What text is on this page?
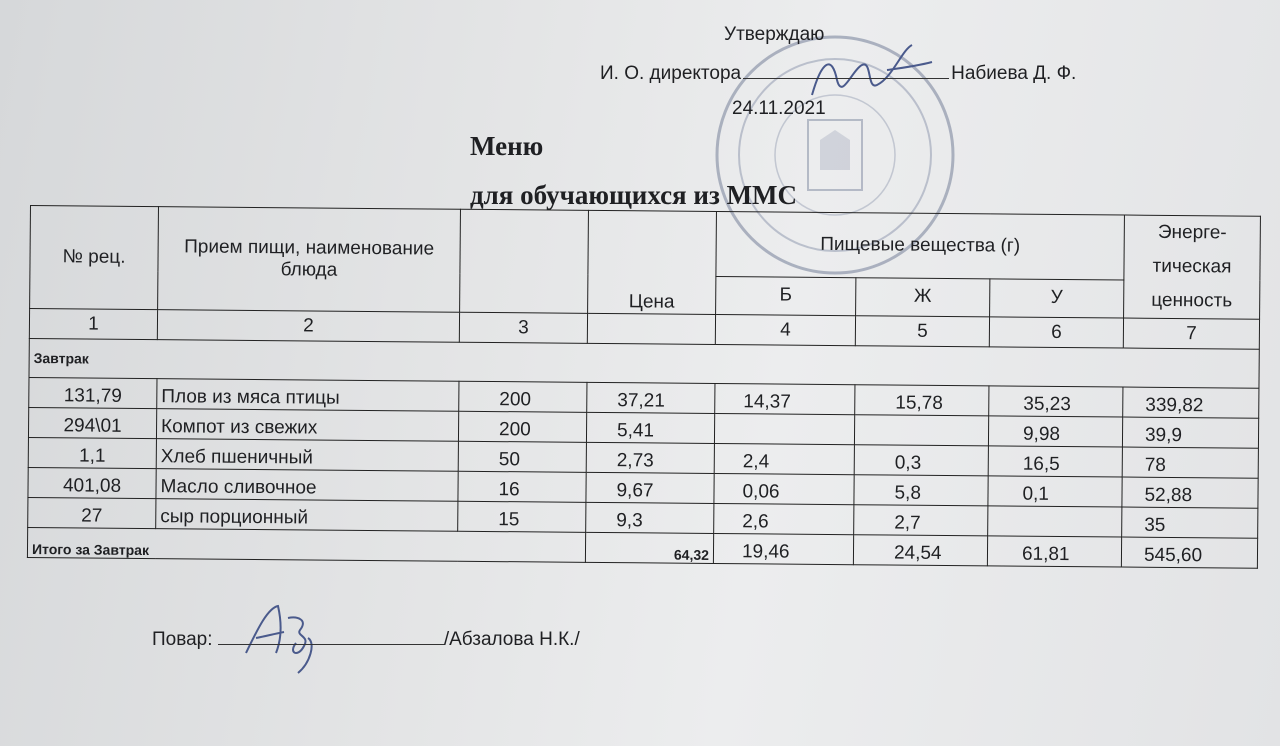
Утверждаю
И. О. директора	Набиева Д. Ф.
24.11.2021
Меню
для обучающихся из ММС
№ рец.	Прием пищи, наименование блюда		Цена	Пищевые вещества (г)			Энерге-тическая ценность
				Б	Ж	У	
1	2	3		4	5	6	7
Завтрак							
131,79	Плов из мяса птицы	200	37,21	14,37	15,78	35,23	339,82
294\01	Компот из свежих	200	5,41			9,98	39,9
1,1	Хлеб пшеничный	50	2,73	2,4	0,3	16,5	78
401,08	Масло сливочное	16	9,67	0,06	5,8	0,1	52,88
27	сыр порционный	15	9,3	2,6	2,7		35
Итого за Завтрак			64,32	19,46	24,54	61,81	545,60
Повар:	/Абзалова Н.К./
